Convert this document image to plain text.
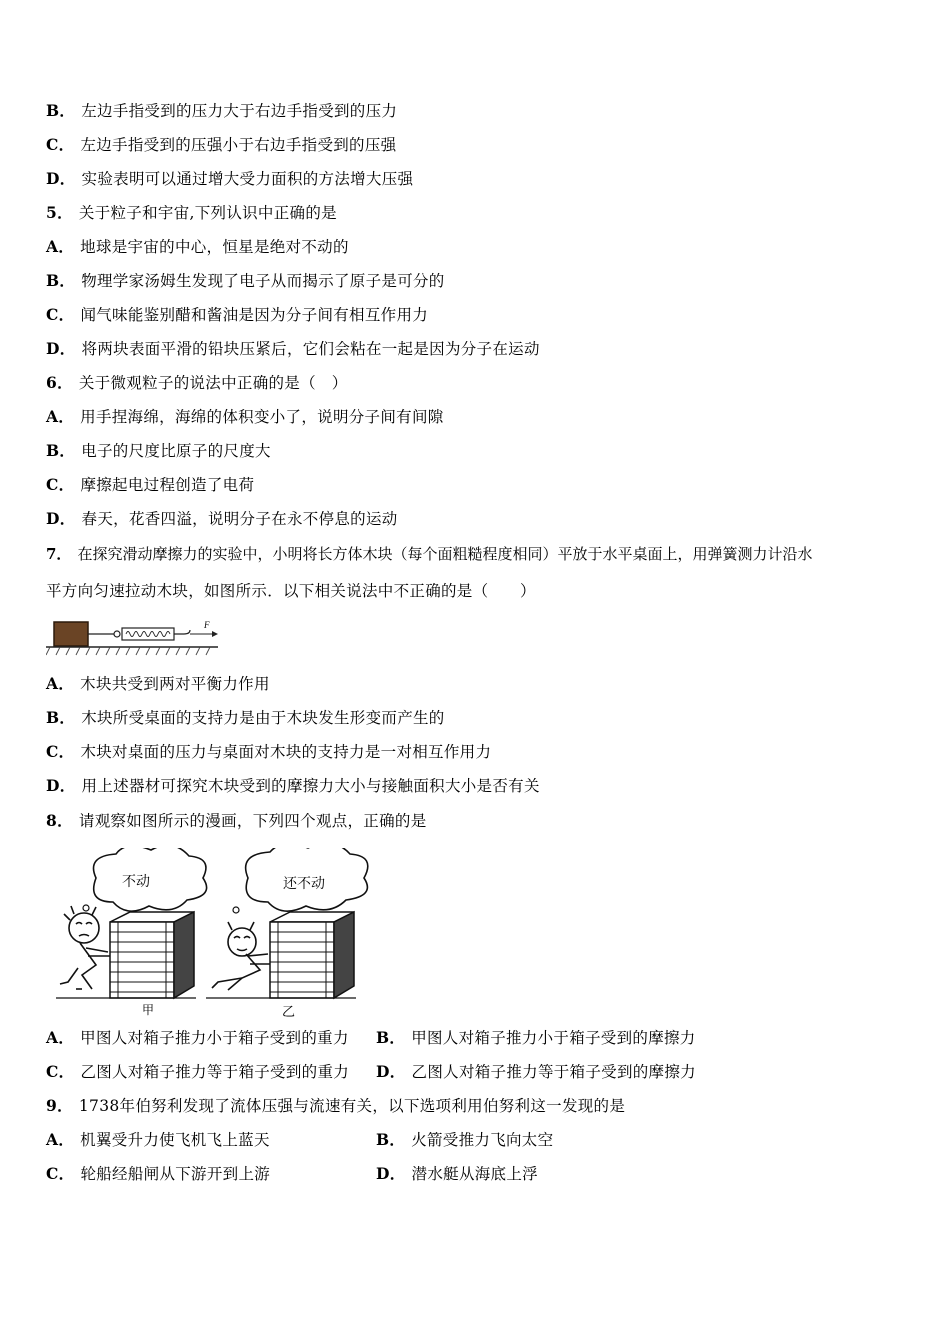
B． 左边手指受到的压力大于右边手指受到的压力
C． 左边手指受到的压强小于右边手指受到的压强
D． 实验表明可以通过增大受力面积的方法增大压强
5． 关于粒子和宇宙,下列认识中正确的是
A． 地球是宇宙的中心，恒星是绝对不动的
B． 物理学家汤姆生发现了电子从而揭示了原子是可分的
C． 闻气味能鉴别醋和酱油是因为分子间有相互作用力
D． 将两块表面平滑的铅块压紧后，它们会粘在一起是因为分子在运动
6． 关于微观粒子的说法中正确的是（　）
A． 用手捏海绵，海绵的体积变小了，说明分子间有间隙
B． 电子的尺度比原子的尺度大
C． 摩擦起电过程创造了电荷
D． 春天，花香四溢，说明分子在永不停息的运动
7． 在探究滑动摩擦力的实验中，小明将长方体木块（每个面粗糙程度相同）平放于水平桌面上，用弹簧测力计沿水
平方向匀速拉动木块，如图所示．以下相关说法中不正确的是（　　）
F
A． 木块共受到两对平衡力作用
B． 木块所受桌面的支持力是由于木块发生形变而产生的
C． 木块对桌面的压力与桌面对木块的支持力是一对相互作用力
D． 用上述器材可探究木块受到的摩擦力大小与接触面积大小是否有关
8． 请观察如图所示的漫画，下列四个观点，正确的是
不动	还不动
甲	乙
A． 甲图人对箱子推力小于箱子受到的重力 B． 甲图人对箱子推力小于箱子受到的摩擦力
C． 乙图人对箱子推力等于箱子受到的重力 D． 乙图人对箱子推力等于箱子受到的摩擦力
9． 1738年伯努利发现了流体压强与流速有关，以下选项利用伯努利这一发现的是
A． 机翼受升力使飞机飞上蓝天	B． 火箭受推力飞向太空
C． 轮船经船闸从下游开到上游	D． 潜水艇从海底上浮
